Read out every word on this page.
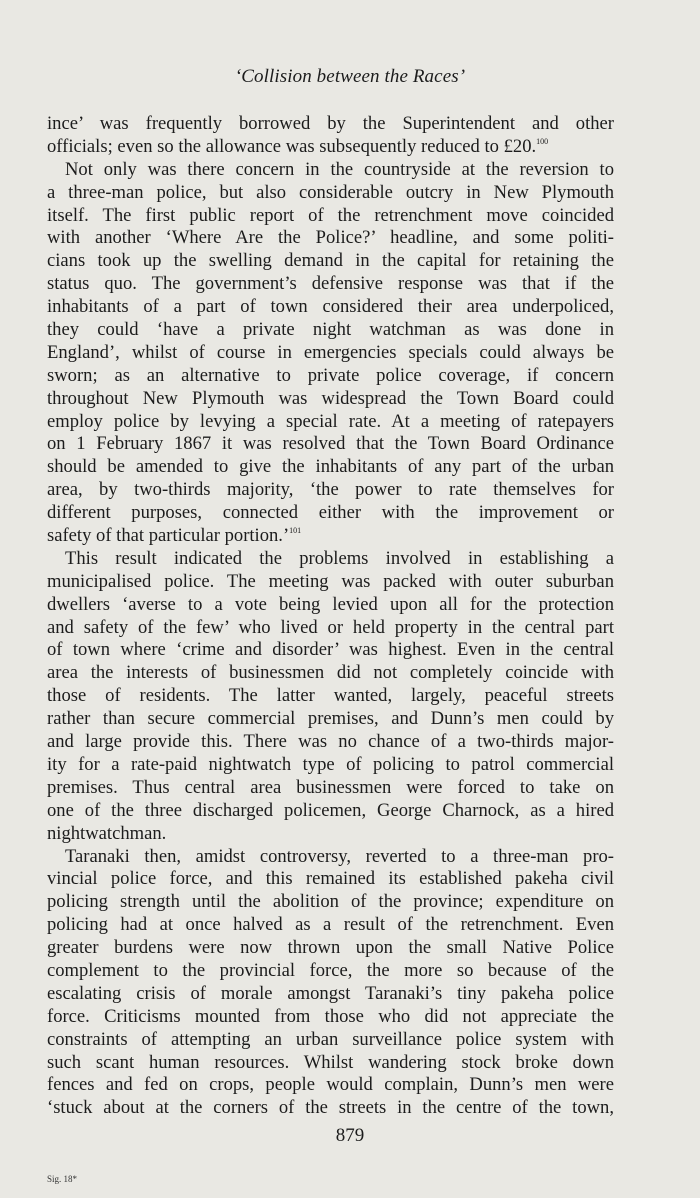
‘Collision between the Races’
ince’ was frequently borrowed by the Superintendent and other
officials; even so the allowance was subsequently reduced to £20.$^{100}$
Not only was there concern in the countryside at the reversion to
a three-man police, but also considerable outcry in New Plymouth
itself. The first public report of the retrenchment move coincided
with another ‘Where Are the Police?’ headline, and some politi-
cians took up the swelling demand in the capital for retaining the
status quo. The government’s defensive response was that if the
inhabitants of a part of town considered their area underpoliced,
they could ‘have a private night watchman as was done in
England’, whilst of course in emergencies specials could always be
sworn; as an alternative to private police coverage, if concern
throughout New Plymouth was widespread the Town Board could
employ police by levying a special rate. At a meeting of ratepayers
on 1 February 1867 it was resolved that the Town Board Ordinance
should be amended to give the inhabitants of any part of the urban
area, by two-thirds majority, ‘the power to rate themselves for
different purposes, connected either with the improvement or
safety of that particular portion.’$^{101}$
This result indicated the problems involved in establishing a
municipalised police. The meeting was packed with outer suburban
dwellers ‘averse to a vote being levied upon all for the protection
and safety of the few’ who lived or held property in the central part
of town where ‘crime and disorder’ was highest. Even in the central
area the interests of businessmen did not completely coincide with
those of residents. The latter wanted, largely, peaceful streets
rather than secure commercial premises, and Dunn’s men could by
and large provide this. There was no chance of a two-thirds major-
ity for a rate-paid nightwatch type of policing to patrol commercial
premises. Thus central area businessmen were forced to take on
one of the three discharged policemen, George Charnock, as a hired
nightwatchman.
Taranaki then, amidst controversy, reverted to a three-man pro-
vincial police force, and this remained its established pakeha civil
policing strength until the abolition of the province; expenditure on
policing had at once halved as a result of the retrenchment. Even
greater burdens were now thrown upon the small Native Police
complement to the provincial force, the more so because of the
escalating crisis of morale amongst Taranaki’s tiny pakeha police
force. Criticisms mounted from those who did not appreciate the
constraints of attempting an urban surveillance police system with
such scant human resources. Whilst wandering stock broke down
fences and fed on crops, people would complain, Dunn’s men were
‘stuck about at the corners of the streets in the centre of the town,
879
Sig. 18*
